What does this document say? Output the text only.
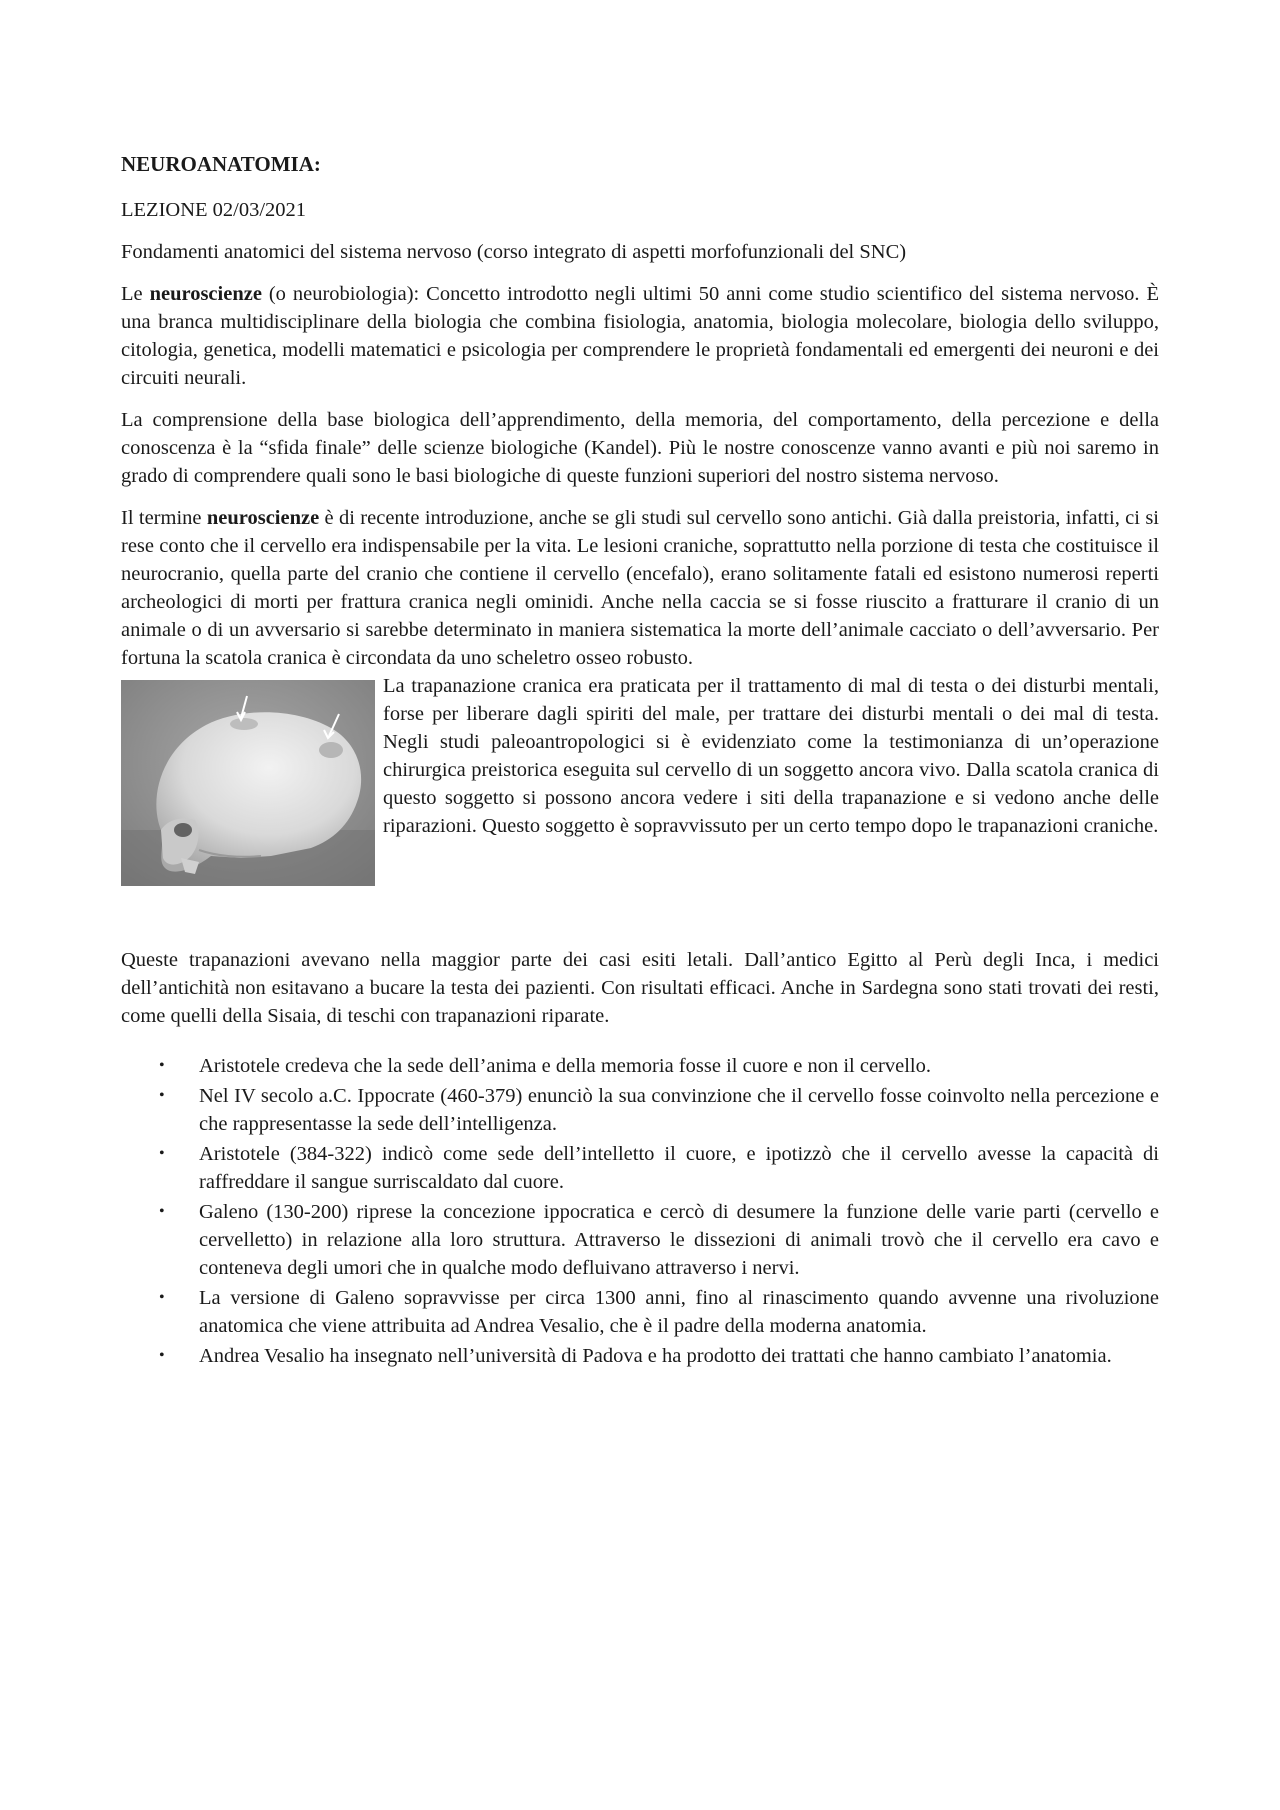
NEUROANATOMIA:
LEZIONE 02/03/2021
Fondamenti anatomici del sistema nervoso (corso integrato di aspetti morfofunzionali del SNC)
Le neuroscienze (o neurobiologia): Concetto introdotto negli ultimi 50 anni come studio scientifico del sistema nervoso. È una branca multidisciplinare della biologia che combina fisiologia, anatomia, biologia molecolare, biologia dello sviluppo, citologia, genetica, modelli matematici e psicologia per comprendere le proprietà fondamentali ed emergenti dei neuroni e dei circuiti neurali.
La comprensione della base biologica dell’apprendimento, della memoria, del comportamento, della percezione e della conoscenza è la “sfida finale” delle scienze biologiche (Kandel). Più le nostre conoscenze vanno avanti e più noi saremo in grado di comprendere quali sono le basi biologiche di queste funzioni superiori del nostro sistema nervoso.
Il termine neuroscienze è di recente introduzione, anche se gli studi sul cervello sono antichi. Già dalla preistoria, infatti, ci si rese conto che il cervello era indispensabile per la vita. Le lesioni craniche, soprattutto nella porzione di testa che costituisce il neurocranio, quella parte del cranio che contiene il cervello (encefalo), erano solitamente fatali ed esistono numerosi reperti archeologici di morti per frattura cranica negli ominidi. Anche nella caccia se si fosse riuscito a fratturare il cranio di un animale o di un avversario si sarebbe determinato in maniera sistematica la morte dell’animale cacciato o dell’avversario. Per fortuna la scatola cranica è circondata da uno scheletro osseo robusto.
La trapanazione cranica era praticata per il trattamento di mal di testa o dei disturbi mentali, forse per liberare dagli spiriti del male, per trattare dei disturbi mentali o dei mal di testa. Negli studi paleoantropologici si è evidenziato come la testimonianza di un’operazione chirurgica preistorica eseguita sul cervello di un soggetto ancora vivo. Dalla scatola cranica di questo soggetto si possono ancora vedere i siti della trapanazione e si vedono anche delle riparazioni. Questo soggetto è sopravvissuto per un certo tempo dopo le trapanazioni craniche.
Queste trapanazioni avevano nella maggior parte dei casi esiti letali. Dall’antico Egitto al Perù degli Inca, i medici dell’antichità non esitavano a bucare la testa dei pazienti. Con risultati efficaci. Anche in Sardegna sono stati trovati dei resti, come quelli della Sisaia, di teschi con trapanazioni riparate.
• Aristotele credeva che la sede dell’anima e della memoria fosse il cuore e non il cervello.
• Nel IV secolo a.C. Ippocrate (460-379) enunciò la sua convinzione che il cervello fosse coinvolto nella percezione e che rappresentasse la sede dell’intelligenza.
• Aristotele (384-322) indicò come sede dell’intelletto il cuore, e ipotizzò che il cervello avesse la capacità di raffreddare il sangue surriscaldato dal cuore.
• Galeno (130-200) riprese la concezione ippocratica e cercò di desumere la funzione delle varie parti (cervello e cervelletto) in relazione alla loro struttura. Attraverso le dissezioni di animali trovò che il cervello era cavo e conteneva degli umori che in qualche modo defluivano attraverso i nervi.
• La versione di Galeno sopravvisse per circa 1300 anni, fino al rinascimento quando avvenne una rivoluzione anatomica che viene attribuita ad Andrea Vesalio, che è il padre della moderna anatomia.
• Andrea Vesalio ha insegnato nell’università di Padova e ha prodotto dei trattati che hanno cambiato l’anatomia.
